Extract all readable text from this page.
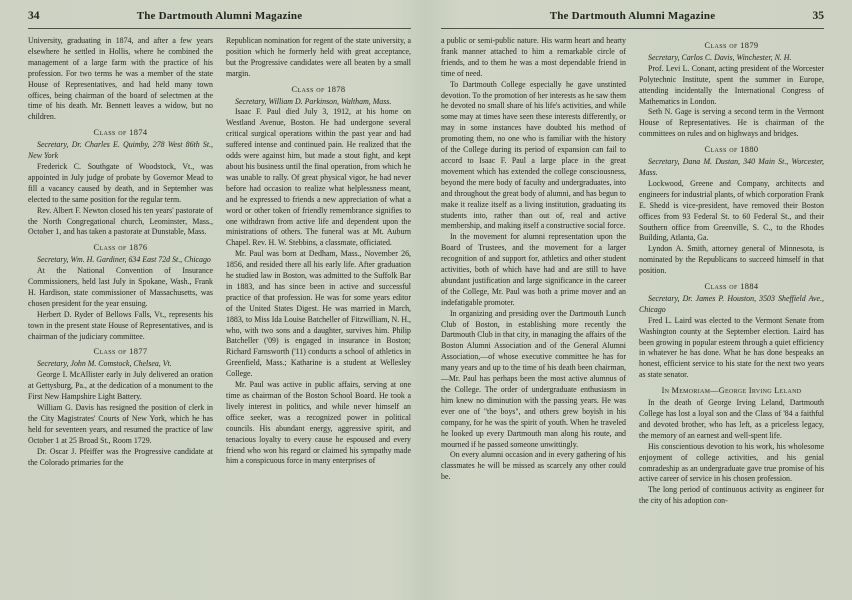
34	The Dartmouth Alumni Magazine
University, graduating in 1874, and after a few years elsewhere he settled in Hollis, where he combined the management of a large farm with the practice of his profession. For two terms he was a member of the state House of Representatives, and had held many town offices, being chairman of the board of selectmen at the time of his death. Mr. Bennett leaves a widow, but no children.
Class of 1874
Secretary, Dr. Charles E. Quimby, 278 West 86th St., New York
Frederick C. Southgate of Woodstock, Vt., was appointed in July judge of probate by Governor Mead to fill a vacancy caused by death, and in September was elected to the same position for the regular term.
Rev. Albert F. Newton closed his ten years' pastorate of the North Congregational church, Leominster, Mass., October 1, and has taken a pastorate at Dunstable, Mass.
Class of 1876
Secretary, Wm. H. Gardiner, 634 East 72d St., Chicago
At the National Convention of Insurance Commissioners, held last July in Spokane, Wash., Frank H. Hardison, state commissioner of Massachusetts, was chosen president for the year ensuing.
Herbert D. Ryder of Bellows Falls, Vt., represents his town in the present state House of Representatives, and is chairman of the judiciary committee.
Class of 1877
Secretary, John M. Comstock, Chelsea, Vt.
George I. McAllister early in July delivered an oration at Gettysburg, Pa., at the dedication of a monument to the First New Hampshire Light Battery.
William G. Davis has resigned the position of clerk in the City Magistrates' Courts of New York, which he has held for seventeen years, and resumed the practice of law October 1 at 25 Broad St., Room 1729.
Dr. Oscar J. Pfeiffer was the Progressive candidate at the Colorado primaries for the
Republican nomination for regent of the state university, a position which he formerly held with great acceptance, but the Progressive candidates were all beaten by a small margin.
Class of 1878
Secretary, William D. Parkinson, Waltham, Mass.
Isaac F. Paul died July 3, 1912, at his home on Westland Avenue, Boston. He had undergone several critical surgical operations within the past year and had suffered intense and continued pain. He realized that the odds were against him, but made a stout fight, and kept about his business until the final operation, from which he was unable to rally. Of great physical vigor, he had never before had occasion to realize what helplessness meant, and he expressed to friends a new appreciation of what a word or other token of friendly remembrance signifies to one withdrawn from active life and dependent upon the ministrations of others. The funeral was at Mt. Auburn Chapel. Rev. H. W. Stebbins, a classmate, officiated.
Mr. Paul was born at Dedham, Mass., November 26, 1856, and resided there all his early life. After graduation he studied law in Boston, was admitted to the Suffolk Bar in 1883, and has since been in active and successful practice of that profession. He was for some years editor of the United States Digest. He was married in March, 1883, to Miss Ida Louise Batcheller of Fitzwilliam, N. H., who, with two sons and a daughter, survives him. Philip Batcheller ('09) is engaged in insurance in Boston; Richard Farnsworth ('11) conducts a school of athletics in Greenfield, Mass.; Katharine is a student at Wellesley College.
Mr. Paul was active in public affairs, serving at one time as chairman of the Boston School Board. He took a lively interest in politics, and while never himself an office seeker, was a recognized power in political councils. His abundant energy, aggressive spirit, and tenacious loyalty to every cause he espoused and every friend who won his regard or claimed his sympathy made him a conspicuous force in many enterprises of
The Dartmouth Alumni Magazine	35
a public or semi-public nature. His warm heart and hearty frank manner attached to him a remarkable circle of friends, and to them he was a most dependable friend in time of need.
To Dartmouth College especially he gave unstinted devotion. To the promotion of her interests as he saw them he devoted no small share of his life's activities, and while some may at times have seen these interests differently, or may in some instances have doubted his method of promoting them, no one who is familiar with the history of the College during its period of expansion can fail to accord to Isaac F. Paul a large place in the great movement which has extended the college consciousness, beyond the mere body of faculty and undergraduates, into and throughout the great body of alumni, and has begun to make it realize itself as a living institution, graduating its students into, rather than out of, real and active membership, and making itself a constructive social force.
In the movement for alumni representation upon the Board of Trustees, and the movement for a larger recognition of and support for, athletics and other student activities, both of which have had and are still to have abundant justification and large significance in the career of the College, Mr. Paul was both a prime mover and an indefatigable promoter.
In organizing and presiding over the Dartmouth Lunch Club of Boston, in establishing more recently the Dartmouth Club in that city, in managing the affairs of the Boston Alumni Association and of the General Alumni Association,—of whose executive committee he has for many years and up to the time of his death been chairman,—Mr. Paul has perhaps been the most active alumnus of the College. The order of undergraduate enthusiasm in him knew no diminution with the passing years. He was ever one of "the boys", and others grew boyish in his company, for he was the spirit of youth. When he traveled he looked up every Dartmouth man along his route, and mourned if he passed someone unwittingly.
On every alumni occasion and in every gathering of his classmates he will be missed as scarcely any other could be.
Class of 1879
Secretary, Carlos C. Davis, Winchester, N. H.
Prof. Levi L. Conant, acting president of the Worcester Polytechnic Institute, spent the summer in Europe, attending incidentally the International Congress of Mathematics in London.
Seth N. Gage is serving a second term in the Vermont House of Representatives. He is chairman of the committees on rules and on highways and bridges.
Class of 1880
Secretary, Dana M. Dustan, 340 Main St., Worcester, Mass.
Lockwood, Greene and Company, architects and engineers for industrial plants, of which corporation Frank E. Shedd is vice-president, have removed their Boston offices from 93 Federal St. to 60 Federal St., and their Southern office from Greenville, S. C., to the Rhodes Building, Atlanta, Ga.
Lyndon A. Smith, attorney general of Minnesota, is nominated by the Republicans to succeed himself in that position.
Class of 1884
Secretary, Dr. James P. Houston, 3503 Sheffield Ave., Chicago
Fred L. Laird was elected to the Vermont Senate from Washington county at the September election. Laird has been growing in popular esteem through a quiet efficiency in whatever he has done. What he has done bespeaks an honest, efficient service to his state for the next two years as state senator.
In Memoriam—George Irving Leland
In the death of George Irving Leland, Dartmouth College has lost a loyal son and the Class of '84 a faithful and devoted brother, who has left, as a priceless legacy, the memory of an earnest and well-spent life.
His conscientious devotion to his work, his wholesome enjoyment of college activities, and his genial comradeship as an undergraduate gave true promise of his active career of service in his chosen profession.
The long period of continuous activity as engineer for the city of his adoption con-
